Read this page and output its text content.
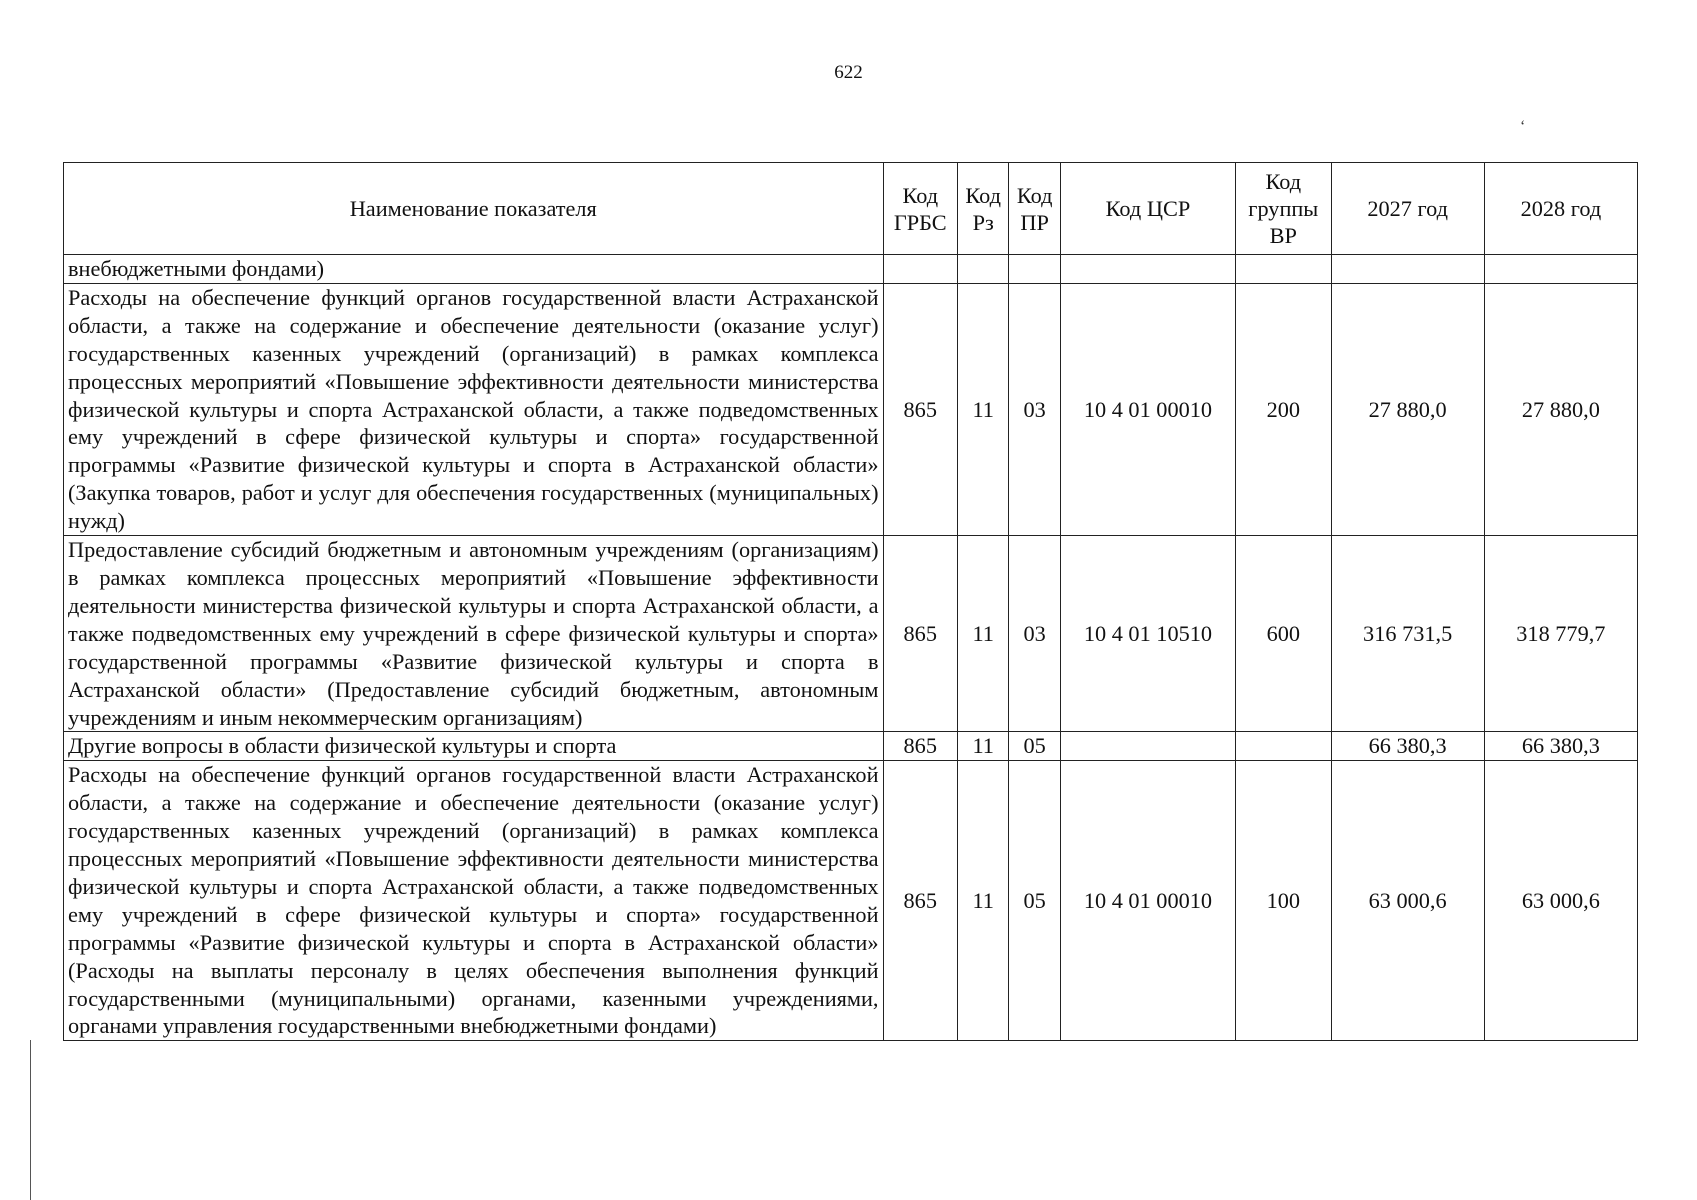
622
ʻ
Наименование показателя	Код ГРБС	Код Рз	Код ПР	Код ЦСР	Код группы ВР	2027 год	2028 год
внебюджетными фондами)							
Расходы на обеспечение функций органов государственной власти Астраханской области, а также на содержание и обеспечение деятельности (оказание услуг) государственных казенных учреждений (организаций) в рамках комплекса процессных мероприятий «Повышение эффективности деятельности министерства физической культуры и спорта Астраханской области, а также подведомственных ему учреждений в сфере физической культуры и спорта» государственной программы «Развитие физической культуры и спорта в Астраханской области» (Закупка товаров, работ и услуг для обеспечения государственных (муниципальных) нужд)	865	11	03	10 4 01 00010	200	27 880,0	27 880,0
Предоставление субсидий бюджетным и автономным учреждениям (организациям) в рамках комплекса процессных мероприятий «Повышение эффективности деятельности министерства физической культуры и спорта Астраханской области, а также подведомственных ему учреждений в сфере физической культуры и спорта» государственной программы «Развитие физической культуры и спорта в Астраханской области» (Предоставление субсидий бюджетным, автономным учреждениям и иным некоммерческим организациям)	865	11	03	10 4 01 10510	600	316 731,5	318 779,7
Другие вопросы в области физической культуры и спорта	865	11	05			66 380,3	66 380,3
Расходы на обеспечение функций органов государственной власти Астраханской области, а также на содержание и обеспечение деятельности (оказание услуг) государственных казенных учреждений (организаций) в рамках комплекса процессных мероприятий «Повышение эффективности деятельности министерства физической культуры и спорта Астраханской области, а также подведомственных ему учреждений в сфере физической культуры и спорта» государственной программы «Развитие физической культуры и спорта в Астраханской области» (Расходы на выплаты персоналу в целях обеспечения выполнения функций государственными (муниципальными) органами, казенными учреждениями, органами управления государственными внебюджетными фондами)	865	11	05	10 4 01 00010	100	63 000,6	63 000,6
